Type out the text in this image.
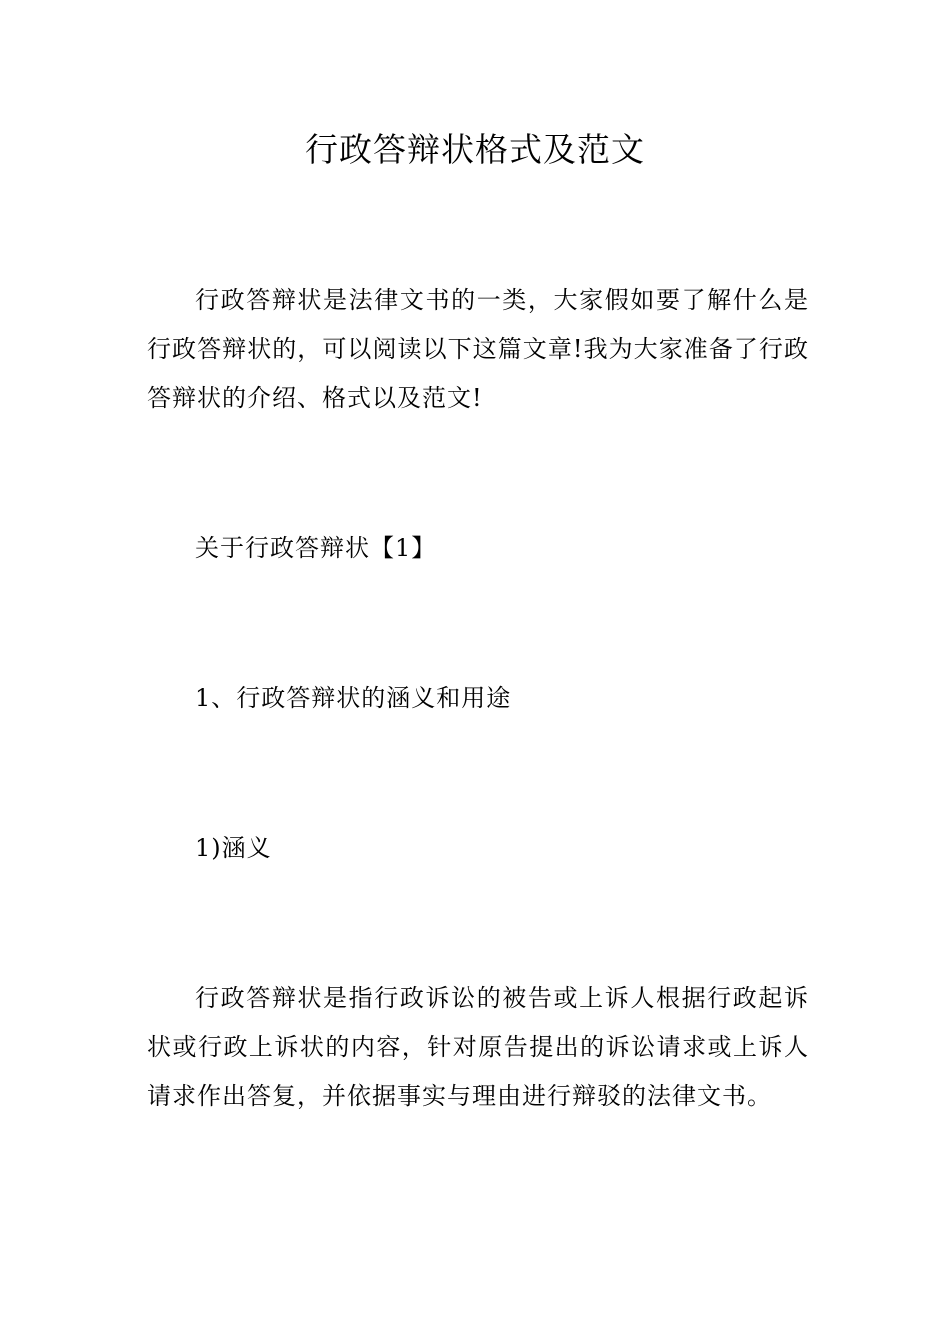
行政答辩状格式及范文

行政答辩状是法律文书的一类，大家假如要了解什么是行政答辩状的，可以阅读以下这篇文章!我为大家准备了行政答辩状的介绍、格式以及范文!

关于行政答辩状【1】

1、行政答辩状的涵义和用途

1)涵义

行政答辩状是指行政诉讼的被告或上诉人根据行政起诉状或行政上诉状的内容，针对原告提出的诉讼请求或上诉人请求作出答复，并依据事实与理由进行辩驳的法律文书。
